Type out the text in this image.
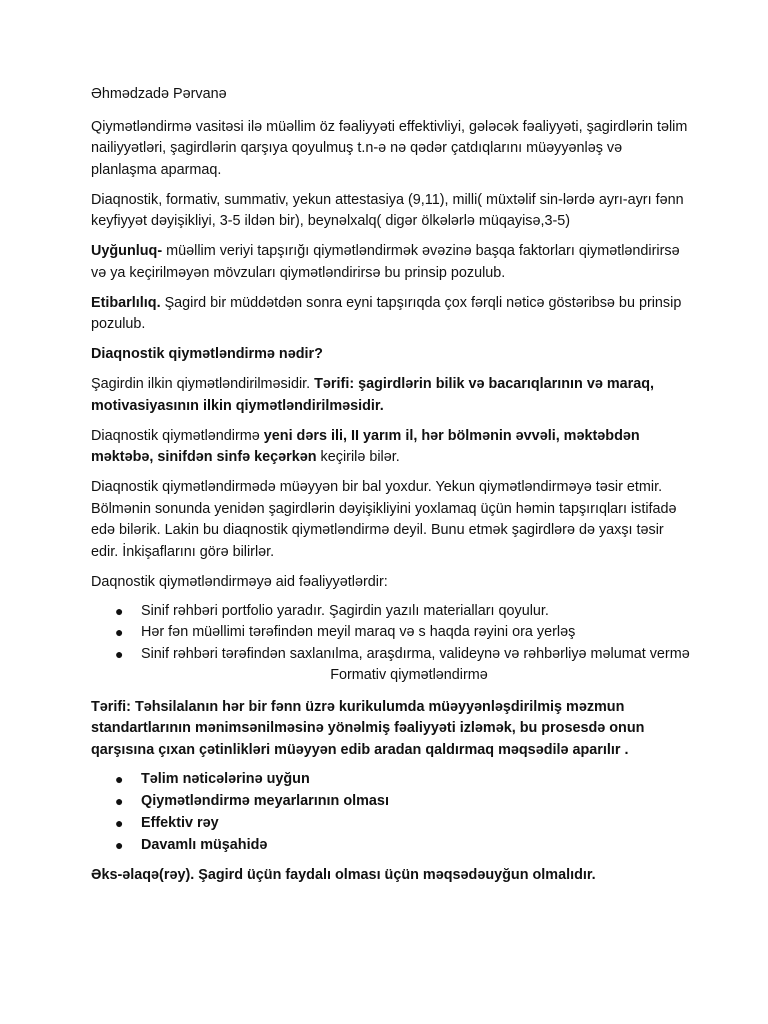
Əhmədzadə Pərvanə

Qiymətləndirmə vasitəsi ilə müəllim öz fəaliyyəti effektivliyi, gələcək fəaliyyəti, şagirdlərin təlim nailiyyətləri, şagirdlərin qarşıya qoyulmuş t.n-ə nə qədər çatdıqlarını müəyyənləş və planlaşma aparmaq.

Diaqnostik, formativ, summativ, yekun attestasiya (9,11), milli( müxtəlif sin-lərdə ayrı-ayrı fənn keyfiyyət dəyişikliyi, 3-5 ildən bir), beynəlxalq( digər ölkələrlə müqayisə,3-5)

Uyğunluq- müəllim veriyi tapşırığı qiymətləndirmək əvəzinə başqa faktorları qiymətləndirirsə və ya keçirilməyən mövzuları qiymətləndirirsə bu prinsip pozulub.

Etibarlılıq. Şagird bir müddətdən sonra eyni tapşırıqda çox fərqli nəticə göstəribsə bu prinsip pozulub.

Diaqnostik qiymətləndirmə nədir?

Şagirdin ilkin qiymətləndirilməsidir. Tərifi: şagirdlərin bilik və bacarıqlarının və maraq, motivasiyasının ilkin qiymətləndirilməsidir.

Diaqnostik qiymətləndirmə yeni dərs ili, II yarım il, hər bölmənin əvvəli, məktəbdən məktəbə, sinifdən sinfə keçərkən keçirilə bilər.

Diaqnostik qiymətləndirmədə müəyyən bir bal yoxdur. Yekun qiymətləndirməyə təsir etmir. Bölmənin sonunda yenidən şagirdlərin dəyişikliyini yoxlamaq üçün həmin tapşırıqları istifadə edə bilərik. Lakin bu diaqnostik qiymətləndirmə deyil. Bunu etmək şagirdlərə də yaxşı təsir edir. İnkişaflarını görə bilirlər.

Daqnostik qiymətləndirməyə aid fəaliyyətlərdir:

● Sinif rəhbəri portfolio yaradır. Şagirdin yazılı materialları qoyulur.
● Hər fən müəllimi tərəfindən meyil maraq və s haqda rəyini ora yerləş
● Sinif rəhbəri tərəfindən saxlanılma, araşdırma, valideynə və rəhbərliyə məlumat vermə

Formativ qiymətləndirmə

Tərifi: Təhsilalanın hər bir fənn üzrə kurikulumda müəyyənləşdirilmiş məzmun standartlarının mənimsənilməsinə yönəlmiş fəaliyyəti izləmək, bu prosesdə onun qarşısına çıxan çətinlikləri müəyyən edib aradan qaldırmaq məqsədilə aparılır .

● Təlim nəticələrinə uyğun
● Qiymətləndirmə meyarlarının olması
● Effektiv rəy
● Davamlı müşahidə

Əks-əlaqə(rəy). Şagird üçün faydalı olması üçün məqsədəuyğun olmalıdır.
